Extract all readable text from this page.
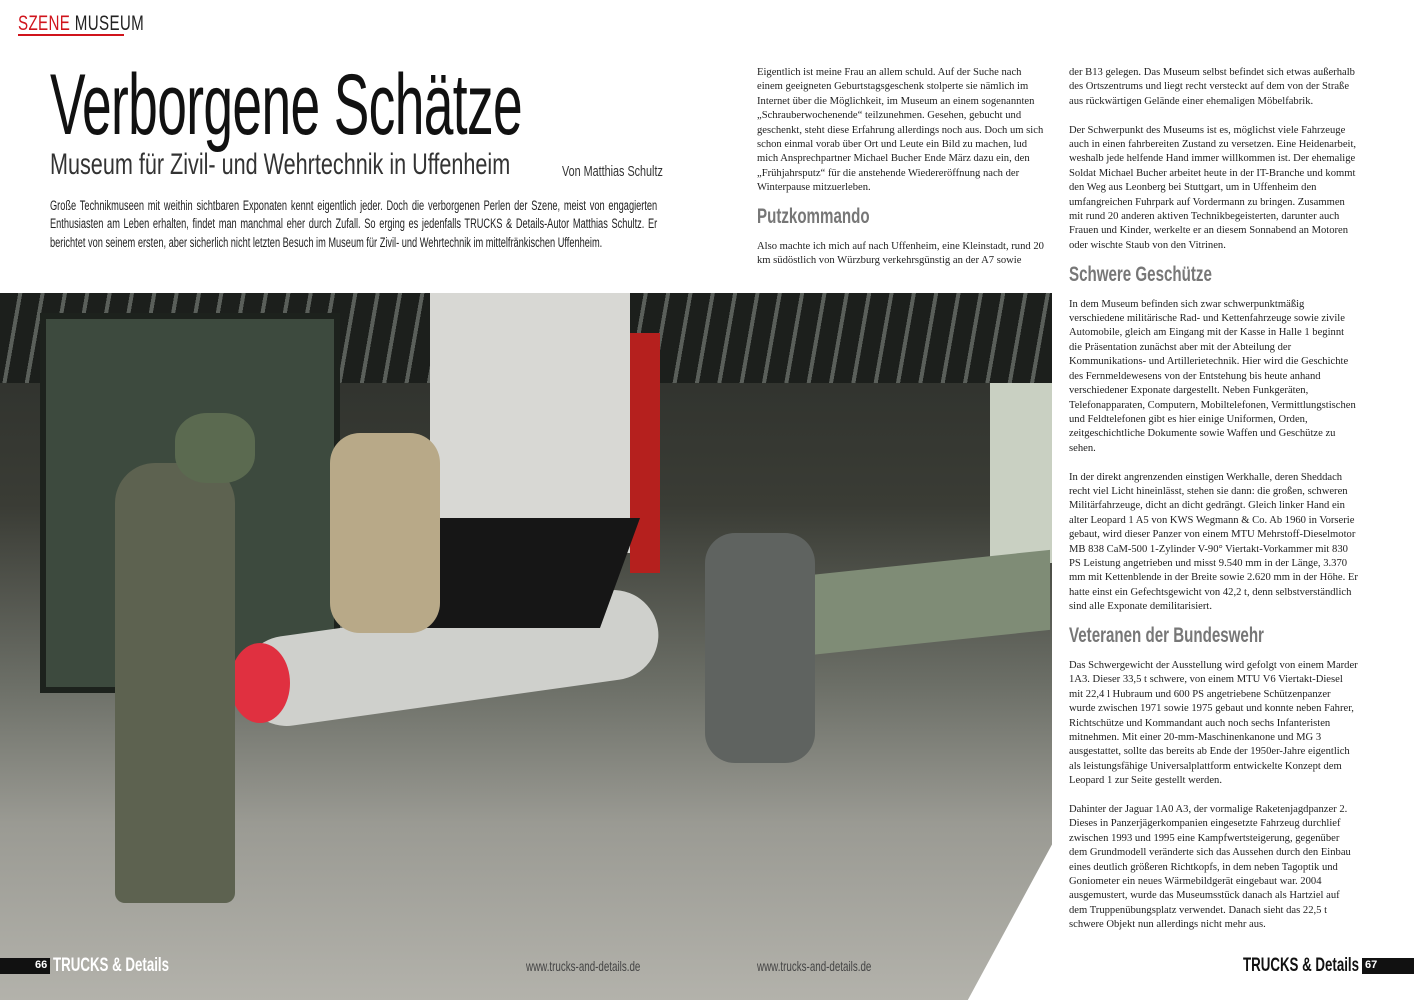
SZENE MUSEUM
Verborgene Schätze
Museum für Zivil- und Wehrtechnik in Uffenheim	Von Matthias Schultz
Große Technikmuseen mit weithin sichtbaren Exponaten kennt eigentlich jeder. Doch die verborgenen Perlen der Szene, meist von engagierten Enthusiasten am Leben erhalten, findet man manchmal eher durch Zufall. So erging es jedenfalls TRUCKS & Details-Autor Matthias Schultz. Er berichtet von seinem ersten, aber sicherlich nicht letzten Besuch im Museum für Zivil- und Wehrtechnik im mittelfränkischen Uffenheim.

Eigentlich ist meine Frau an allem schuld. Auf der Suche nach einem geeigneten Geburtstagsgeschenk stolperte sie nämlich im Internet über die Möglichkeit, im Museum an einem sogenannten „Schrauberwochenende“ teilzunehmen. Gesehen, gebucht und geschenkt, steht diese Erfahrung allerdings noch aus. Doch um sich schon einmal vorab über Ort und Leute ein Bild zu machen, lud mich Ansprechpartner Michael Bucher Ende März dazu ein, den „Frühjahrsputz“ für die anstehende Wiedereröffnung nach der Winterpause mitzuerleben.

Putzkommando

Also machte ich mich auf nach Uffenheim, eine Kleinstadt, rund 20 km südöstlich von Würzburg verkehrsgünstig an der A7 sowie

der B13 gelegen. Das Museum selbst befindet sich etwas außerhalb des Ortszentrums und liegt recht versteckt auf dem von der Straße aus rückwärtigen Gelände einer ehemaligen Möbelfabrik.

Der Schwerpunkt des Museums ist es, möglichst viele Fahrzeuge auch in einen fahrbereiten Zustand zu versetzen. Eine Heidenarbeit, weshalb jede helfende Hand immer willkommen ist. Der ehemalige Soldat Michael Bucher arbeitet heute in der IT-Branche und kommt den Weg aus Leonberg bei Stuttgart, um in Uffenheim den umfangreichen Fuhrpark auf Vordermann zu bringen. Zusammen mit rund 20 anderen aktiven Technikbegeisterten, darunter auch Frauen und Kinder, werkelte er an diesem Sonnabend an Motoren oder wischte Staub von den Vitrinen.

Schwere Geschütze

In dem Museum befinden sich zwar schwerpunktmäßig verschiedene militärische Rad- und Kettenfahrzeuge sowie zivile Automobile, gleich am Eingang mit der Kasse in Halle 1 beginnt die Präsentation zunächst aber mit der Abteilung der Kommunikations- und Artillerietechnik. Hier wird die Geschichte des Fernmeldewesens von der Entstehung bis heute anhand verschiedener Exponate dargestellt. Neben Funkgeräten, Telefonapparaten, Computern, Mobiltelefonen, Vermittlungstischen und Feldtelefonen gibt es hier einige Uniformen, Orden, zeitgeschichtliche Dokumente sowie Waffen und Geschütze zu sehen.

In der direkt angrenzenden einstigen Werkhalle, deren Sheddach recht viel Licht hineinlässt, stehen sie dann: die großen, schweren Militärfahrzeuge, dicht an dicht gedrängt. Gleich linker Hand ein alter Leopard 1 A5 von KWS Wegmann & Co. Ab 1960 in Vorserie gebaut, wird dieser Panzer von einem MTU Mehrstoff-Dieselmotor MB 838 CaM-500 1-Zylinder V-90° Viertakt-Vorkammer mit 830 PS Leistung angetrieben und misst 9.540 mm in der Länge, 3.370 mm mit Kettenblende in der Breite sowie 2.620 mm in der Höhe. Er hatte einst ein Gefechtsgewicht von 42,2 t, denn selbstverständlich sind alle Exponate demilitarisiert.

Veteranen der Bundeswehr

Das Schwergewicht der Ausstellung wird gefolgt von einem Marder 1A3. Dieser 33,5 t schwere, von einem MTU V6 Viertakt-Diesel mit 22,4 l Hubraum und 600 PS angetriebene Schützenpanzer wurde zwischen 1971 sowie 1975 gebaut und konnte neben Fahrer, Richtschütze und Kommandant auch noch sechs Infanteristen mitnehmen. Mit einer 20-mm-Maschinenkanone und MG 3 ausgestattet, sollte das bereits ab Ende der 1950er-Jahre eigentlich als leistungsfähige Universalplattform entwickelte Konzept dem Leopard 1 zur Seite gestellt werden.

Dahinter der Jaguar 1A0 A3, der vormalige Raketenjagdpanzer 2. Dieses in Panzerjägerkompanien eingesetzte Fahrzeug durchlief zwischen 1993 und 1995 eine Kampfwertsteigerung, gegenüber dem Grundmodell veränderte sich das Aussehen durch den Einbau eines deutlich größeren Richtkopfs, in dem neben Tagoptik und Goniometer ein neues Wärmebildgerät eingebaut war. 2004 ausgemustert, wurde das Museumsstück danach als Hartziel auf dem Truppenübungsplatz verwendet. Danach sieht das 22,5 t schwere Objekt nun allerdings nicht mehr aus.

66 TRUCKS & Details	www.trucks-and-details.de	www.trucks-and-details.de	TRUCKS & Details 67
